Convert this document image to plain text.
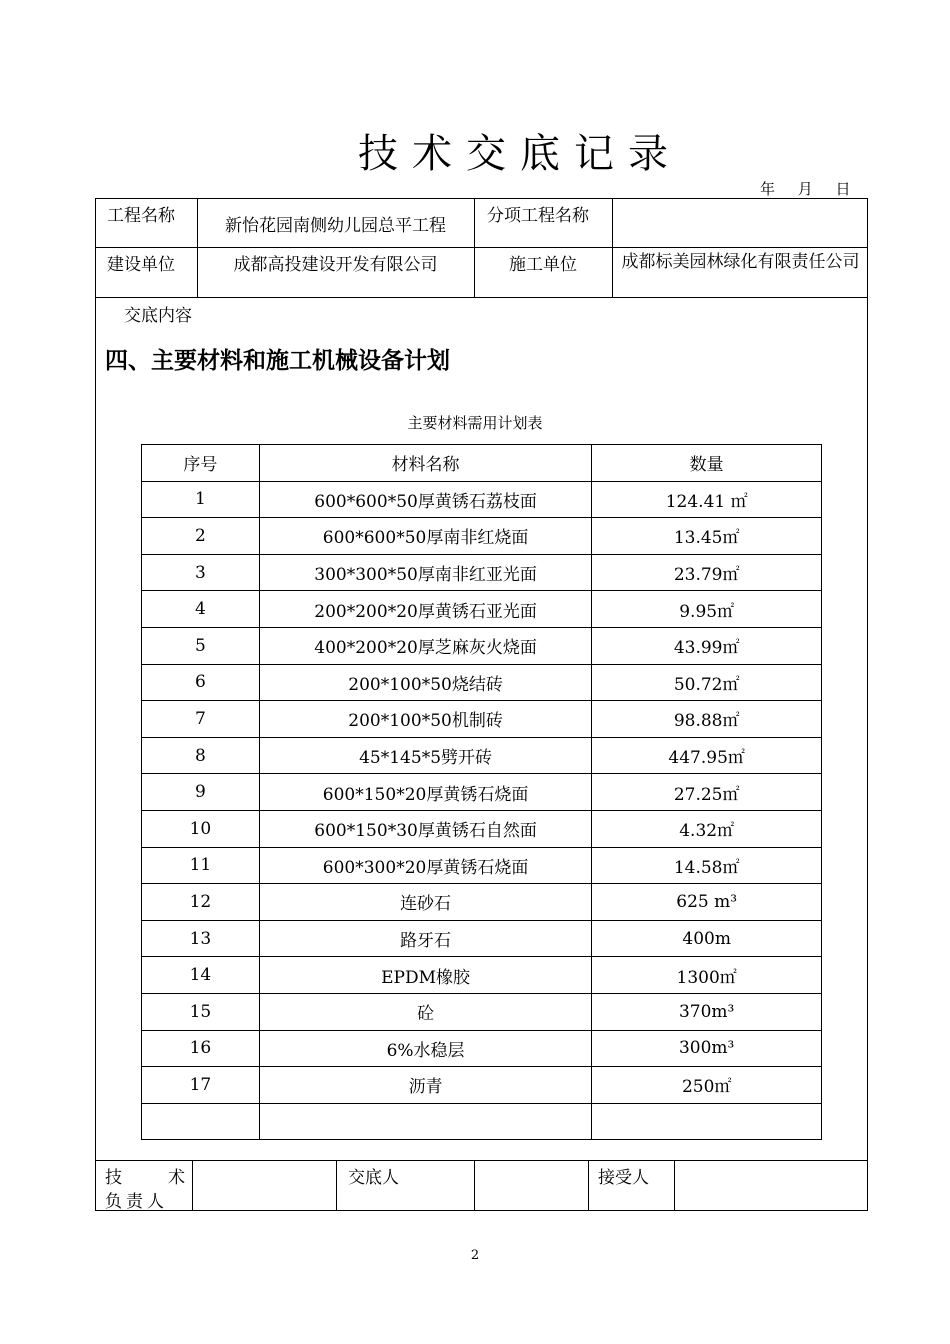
技术交底记录
年 月 日
工程名称	新怡花园南侧幼儿园总平工程	分项工程名称
建设单位	成都高投建设开发有限公司	施工单位	成都标美园林绿化有限责任公司
交底内容
四、主要材料和施工机械设备计划
主要材料需用计划表
序号	材料名称	数量
1	600*600*50厚黄锈石荔枝面	124.41 ㎡
2	600*600*50厚南非红烧面	13.45㎡
3	300*300*50厚南非红亚光面	23.79㎡
4	200*200*20厚黄锈石亚光面	9.95㎡
5	400*200*20厚芝麻灰火烧面	43.99㎡
6	200*100*50烧结砖	50.72㎡
7	200*100*50机制砖	98.88㎡
8	45*145*5劈开砖	447.95㎡
9	600*150*20厚黄锈石烧面	27.25㎡
10	600*150*30厚黄锈石自然面	4.32㎡
11	600*300*20厚黄锈石烧面	14.58㎡
12	连砂石	625 m³
13	路牙石	400m
14	EPDM橡胶	1300㎡
15	砼	370m³
16	6%水稳层	300m³
17	沥青	250㎡

技 术
负责人
交底人	接受人
2
